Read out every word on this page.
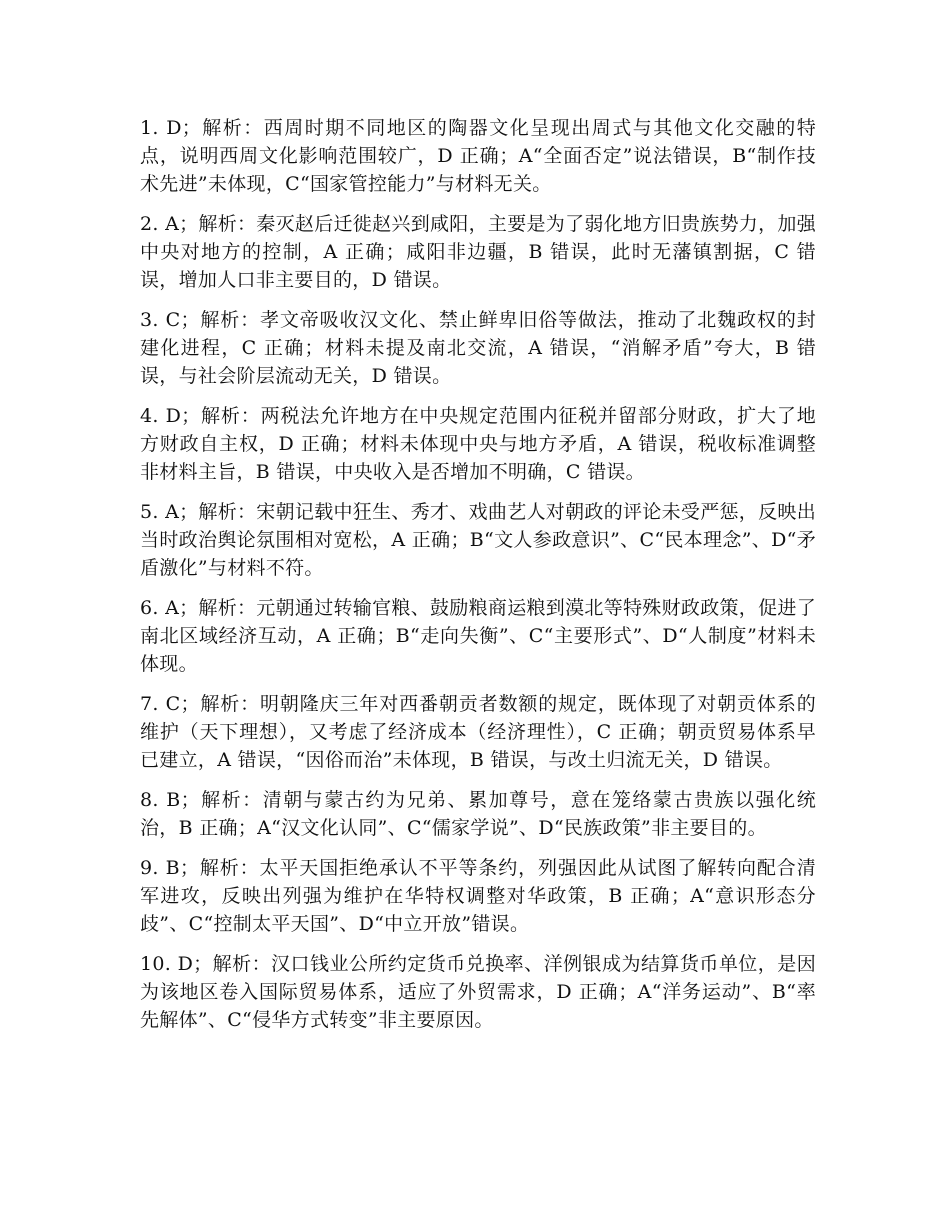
1. D；解析：西周时期不同地区的陶器文化呈现出周式与其他文化交融的特点，说明西周文化影响范围较广，D 正确；A“全面否定”说法错误，B“制作技术先进”未体现，C“国家管控能力”与材料无关。

2. A；解析：秦灭赵后迁徙赵兴到咸阳，主要是为了弱化地方旧贵族势力，加强中央对地方的控制，A 正确；咸阳非边疆，B 错误，此时无藩镇割据，C 错误，增加人口非主要目的，D 错误。

3. C；解析：孝文帝吸收汉文化、禁止鲜卑旧俗等做法，推动了北魏政权的封建化进程，C 正确；材料未提及南北交流，A 错误，“消解矛盾”夸大，B 错误，与社会阶层流动无关，D 错误。

4. D；解析：两税法允许地方在中央规定范围内征税并留部分财政，扩大了地方财政自主权，D 正确；材料未体现中央与地方矛盾，A 错误，税收标准调整非材料主旨，B 错误，中央收入是否增加不明确，C 错误。

5. A；解析：宋朝记载中狂生、秀才、戏曲艺人对朝政的评论未受严惩，反映出当时政治舆论氛围相对宽松，A 正确；B“文人参政意识”、C“民本理念”、D“矛盾激化”与材料不符。

6. A；解析：元朝通过转输官粮、鼓励粮商运粮到漠北等特殊财政政策，促进了南北区域经济互动，A 正确；B“走向失衡”、C“主要形式”、D“人制度”材料未体现。

7. C；解析：明朝隆庆三年对西番朝贡者数额的规定，既体现了对朝贡体系的维护（天下理想），又考虑了经济成本（经济理性），C 正确；朝贡贸易体系早已建立，A 错误，“因俗而治”未体现，B 错误，与改土归流无关，D 错误。

8. B；解析：清朝与蒙古约为兄弟、累加尊号，意在笼络蒙古贵族以强化统治，B 正确；A“汉文化认同”、C“儒家学说”、D“民族政策”非主要目的。

9. B；解析：太平天国拒绝承认不平等条约，列强因此从试图了解转向配合清军进攻，反映出列强为维护在华特权调整对华政策，B 正确；A“意识形态分歧”、C“控制太平天国”、D“中立开放”错误。

10. D；解析：汉口钱业公所约定货币兑换率、洋例银成为结算货币单位，是因为该地区卷入国际贸易体系，适应了外贸需求，D 正确；A“洋务运动”、B“率先解体”、C“侵华方式转变”非主要原因。
